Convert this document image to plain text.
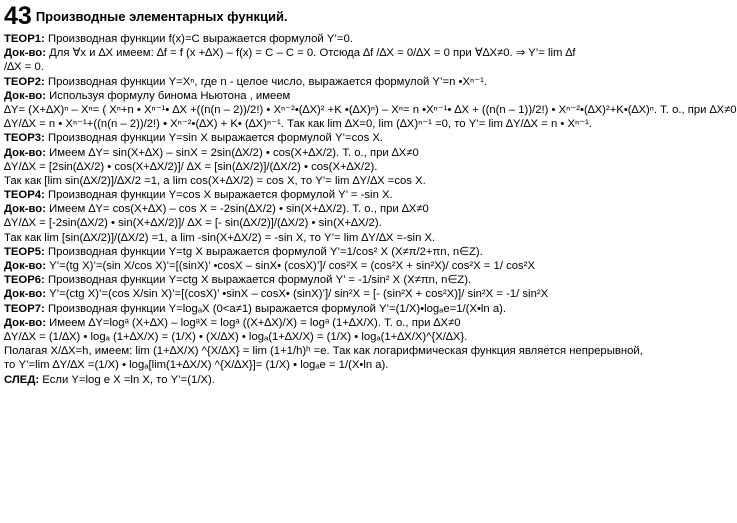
43 Производные элементарных функций.
ТЕОР1: Производная функции f(x)=C выражается формулой Y’=0.
Док-во: Для ∀x и ∆X имеем: ∆f = f (x +∆X) – f(x) = C – C = 0. Отсюда ∆f /∆X = 0/∆X = 0 при ∀∆X≠0. ⇒ Y’= lim ∆f
/∆X = 0.
ТЕОР2: Производная функции Y=Xⁿ, где n - целое число, выражается формулой Y’=n •Xⁿ⁻¹.
Док-во: Используя формулу бинома Ньютона , имеем
∆Y= (X+∆X)ⁿ – Xⁿ= ( Xⁿ+n • Xⁿ⁻¹• ∆X +((n(n – 2))/2!) • Xⁿ⁻²•(∆X)² +K •(∆X)ⁿ) – Xⁿ= n •Xⁿ⁻¹• ∆X + ((n(n – 1))/2!) • Xⁿ⁻²•(∆X)²+K•(∆X)ⁿ. Т. о., при ∆X≠0
∆Y/∆X = n • Xⁿ⁻¹+((n(n – 2))/2!) • Xⁿ⁻²•(∆X) + K• (∆X)ⁿ⁻¹. Так как lim ∆X=0, lim (∆X)ⁿ⁻¹ =0, то Y’= lim ∆Y/∆X = n • Xⁿ⁻¹.
ТЕОР3: Производная функции Y=sin X выражается формулой Y’=cos X.
Док-во: Имеем ∆Y= sin(X+∆X) – sinX = 2sin(∆X/2) • cos(X+∆X/2). Т. о., при ∆X≠0
∆Y/∆X = [2sin(∆X/2) • cos(X+∆X/2)]/ ∆X = [sin(∆X/2)]/(∆X/2) • cos(X+∆X/2).
Так как [lim sin(∆X/2)]/∆X/2 =1, а lim cos(X+∆X/2) = cos X, то Y’= lim ∆Y/∆X =cos X.
ТЕОР4: Производная функции Y=cos X выражается формулой Y’ = -sin X.
Док-во: Имеем ∆Y= cos(X+∆X) – cos X = -2sin(∆X/2) • sin(X+∆X/2). Т. о., при ∆X≠0
∆Y/∆X = [-2sin(∆X/2) • sin(X+∆X/2)]/ ∆X = [- sin(∆X/2)]/(∆X/2) • sin(X+∆X/2).
Так как lim [sin(∆X/2)]/(∆X/2) =1, а lim -sin(X+∆X/2) = -sin X, то Y’= lim ∆Y/∆X =-sin X.
ТЕОР5: Производная функции Y=tg X выражается формулой Y’=1/cos² X (X≠π/2+πn, n∈Z).
Док-во: Y’=(tg X)’=(sin X/cos X)’=[(sinX)’ •cosX – sinX• (cosX)’]/ cos²X = (cos²X + sin²X)/ cos²X = 1/ cos²X
ТЕОР6: Производная функции Y=ctg X выражается формулой Y’ = -1/sin² X (X≠πn, n∈Z).
Док-во: Y’=(ctg X)’=(cos X/sin X)’=[(cosX)’ •sinX – cosX• (sinX)’]/ sin²X = [- (sin²X + cos²X)]/ sin²X = -1/ sin²X
ТЕОР7: Производная функции Y=logₐX (0<a≠1) выражается формулой Y’=(1/X)•logₐe=1/(X•ln a).
Док-во: Имеем ∆Y=logᵃ (X+∆X) – logᵃX = logᵃ ((X+∆X)/X) = logᵃ (1+∆X/X). Т. о., при ∆X≠0
∆Y/∆X = (1/∆X) • logₐ (1+∆X/X) = (1/X) • (X/∆X) • logₐ(1+∆X/X) = (1/X) • logₐ(1+∆X/X)^{X/∆X}.
Полагая X/∆X=h, имеем: lim (1+∆X/X) ^{X/∆X} = lim (1+1/h)ʰ =e. Так как логарифмическая функция является непрерывной,
то Y’=lim ∆Y/∆X =(1/X) • logₐ[lim(1+∆X/X) ^{X/∆X}]= (1/X) • logₐe = 1/(X•ln a).
СЛЕД: Если Y=log e X =ln X, то Y’=(1/X).
